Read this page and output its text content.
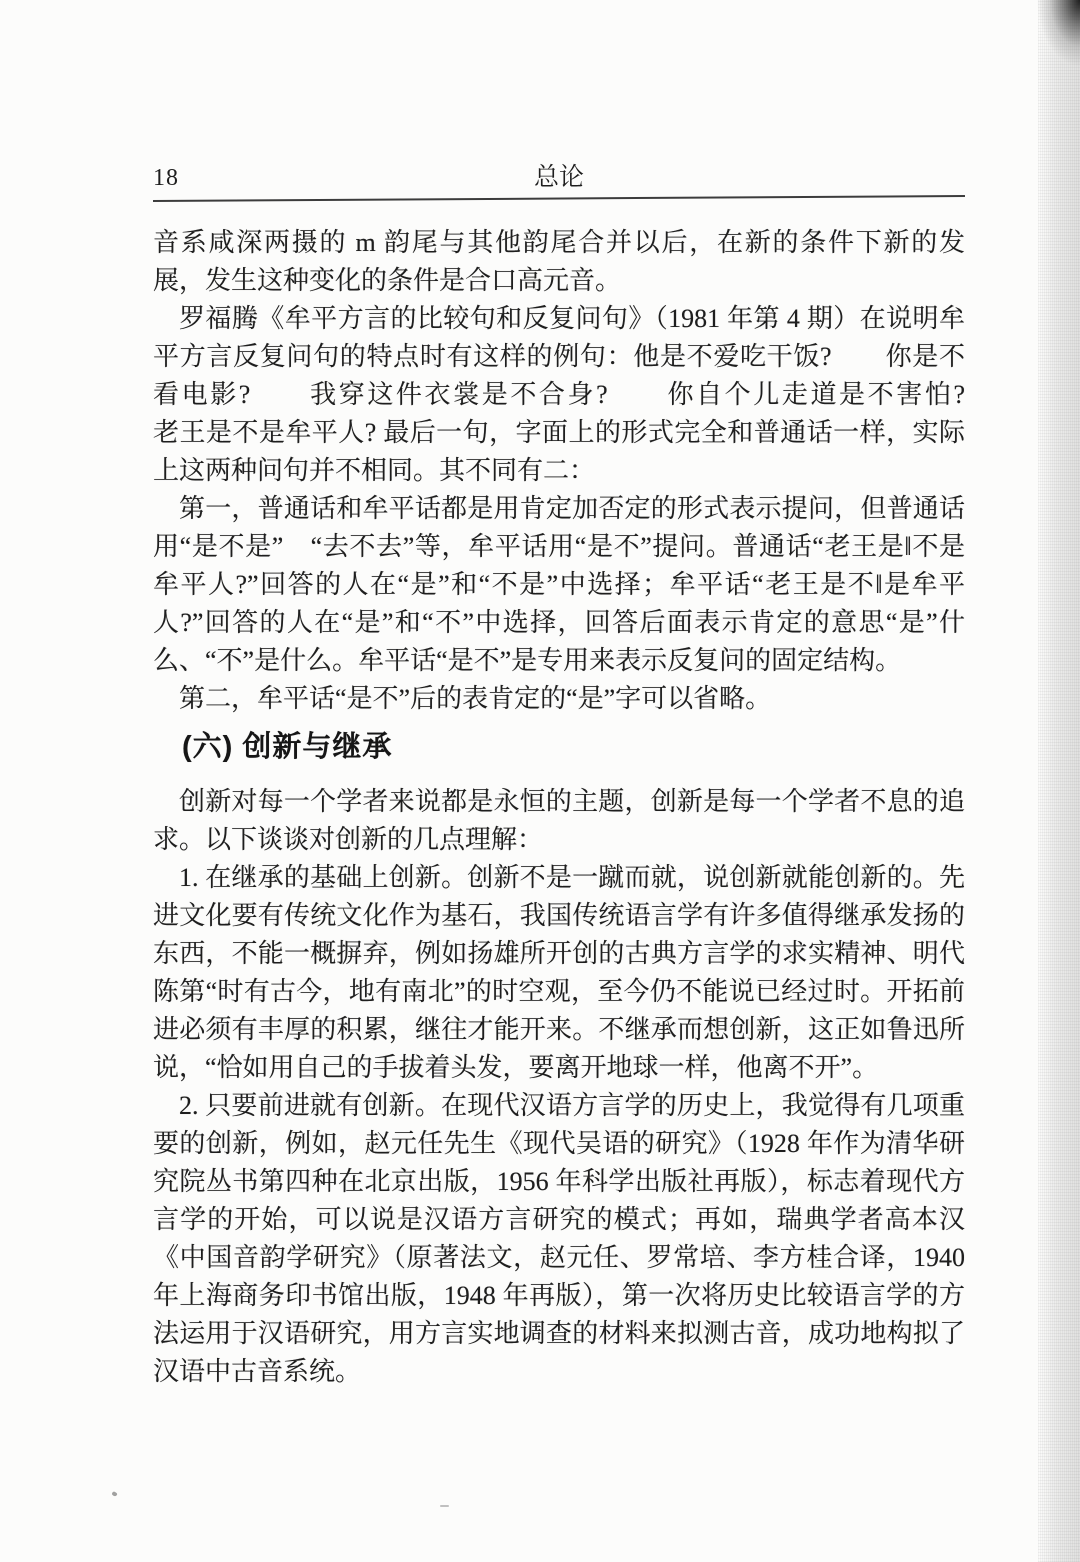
18	总论

音系咸深两摄的 m 韵尾与其他韵尾合并以后，在新的条件下新的发展，发生这种变化的条件是合口高元音。

罗福腾《牟平方言的比较句和反复问句》（1981 年第 4 期）在说明牟平方言反复问句的特点时有这样的例句：他是不爱吃干饭?　　你是不看电影?　　我穿这件衣裳是不合身?　　你自个儿走道是不害怕?　　老王是不是牟平人? 最后一句，字面上的形式完全和普通话一样，实际上这两种问句并不相同。其不同有二：

第一，普通话和牟平话都是用肯定加否定的形式表示提问，但普通话用“是不是”　“去不去”等，牟平话用“是不”提问。普通话“老王是‖不是牟平人?”回答的人在“是”和“不是”中选择；牟平话“老王是不‖是牟平人?”回答的人在“是”和“不”中选择，回答后面表示肯定的意思“是”什么、“不”是什么。牟平话“是不”是专用来表示反复问的固定结构。

第二，牟平话“是不”后的表肯定的“是”字可以省略。

(六) 创新与继承

创新对每一个学者来说都是永恒的主题，创新是每一个学者不息的追求。以下谈谈对创新的几点理解：

1. 在继承的基础上创新。创新不是一蹴而就，说创新就能创新的。先进文化要有传统文化作为基石，我国传统语言学有许多值得继承发扬的东西，不能一概摒弃，例如扬雄所开创的古典方言学的求实精神、明代陈第“时有古今，地有南北”的时空观，至今仍不能说已经过时。开拓前进必须有丰厚的积累，继往才能开来。不继承而想创新，这正如鲁迅所说，“恰如用自己的手拔着头发，要离开地球一样，他离不开”。

2. 只要前进就有创新。在现代汉语方言学的历史上，我觉得有几项重要的创新，例如，赵元任先生《现代吴语的研究》（1928 年作为清华研究院丛书第四种在北京出版，1956 年科学出版社再版），标志着现代方言学的开始，可以说是汉语方言研究的模式；再如，瑞典学者高本汉《中国音韵学研究》（原著法文，赵元任、罗常培、李方桂合译，1940 年上海商务印书馆出版，1948 年再版），第一次将历史比较语言学的方法运用于汉语研究，用方言实地调查的材料来拟测古音，成功地构拟了汉语中古音系统。
